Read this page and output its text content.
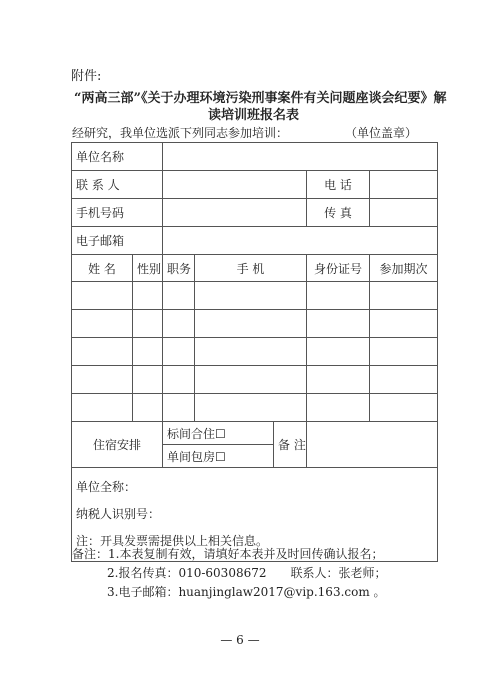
附件:
“两高三部”《关于办理环境污染刑事案件有关问题座谈会纪要》解
读培训班报名表
经研究，我单位选派下列同志参加培训：	（单位盖章）
单位名称						
联 系 人					电 话	
手机号码					传 真	
电子邮箱						
姓 名	性别	职务	手 机		身份证号	参加期次

住宿安排		标间合住☐		备 注		
		单间包房☐				

单位全称：
纳税人识别号：
注：开具发票需提供以上相关信息。						
备注：1.本表复制有效，请填好本表并及时回传确认报名；
2.报名传真：010-60308672　　联系人：张老师；
3.电子邮箱：huanjinglaw2017@vip.163.com 。
— 6 —
